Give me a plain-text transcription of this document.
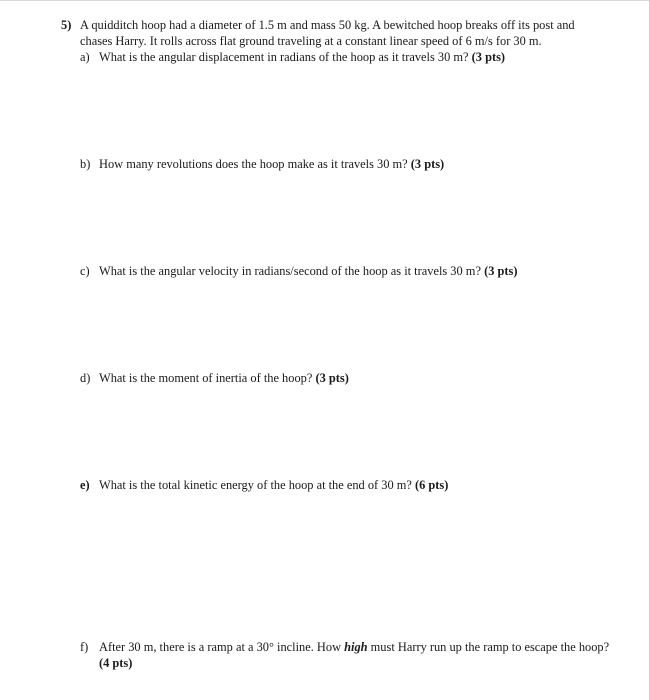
5) A quidditch hoop had a diameter of 1.5 m and mass 50 kg. A bewitched hoop breaks off its post and chases Harry. It rolls across flat ground traveling at a constant linear speed of 6 m/s for 30 m.

a) What is the angular displacement in radians of the hoop as it travels 30 m? (3 pts)
b) How many revolutions does the hoop make as it travels 30 m? (3 pts)
c) What is the angular velocity in radians/second of the hoop as it travels 30 m? (3 pts)
d) What is the moment of inertia of the hoop? (3 pts)
e) What is the total kinetic energy of the hoop at the end of 30 m? (6 pts)
f) After 30 m, there is a ramp at a 30° incline. How high must Harry run up the ramp to escape the hoop?
(4 pts)
